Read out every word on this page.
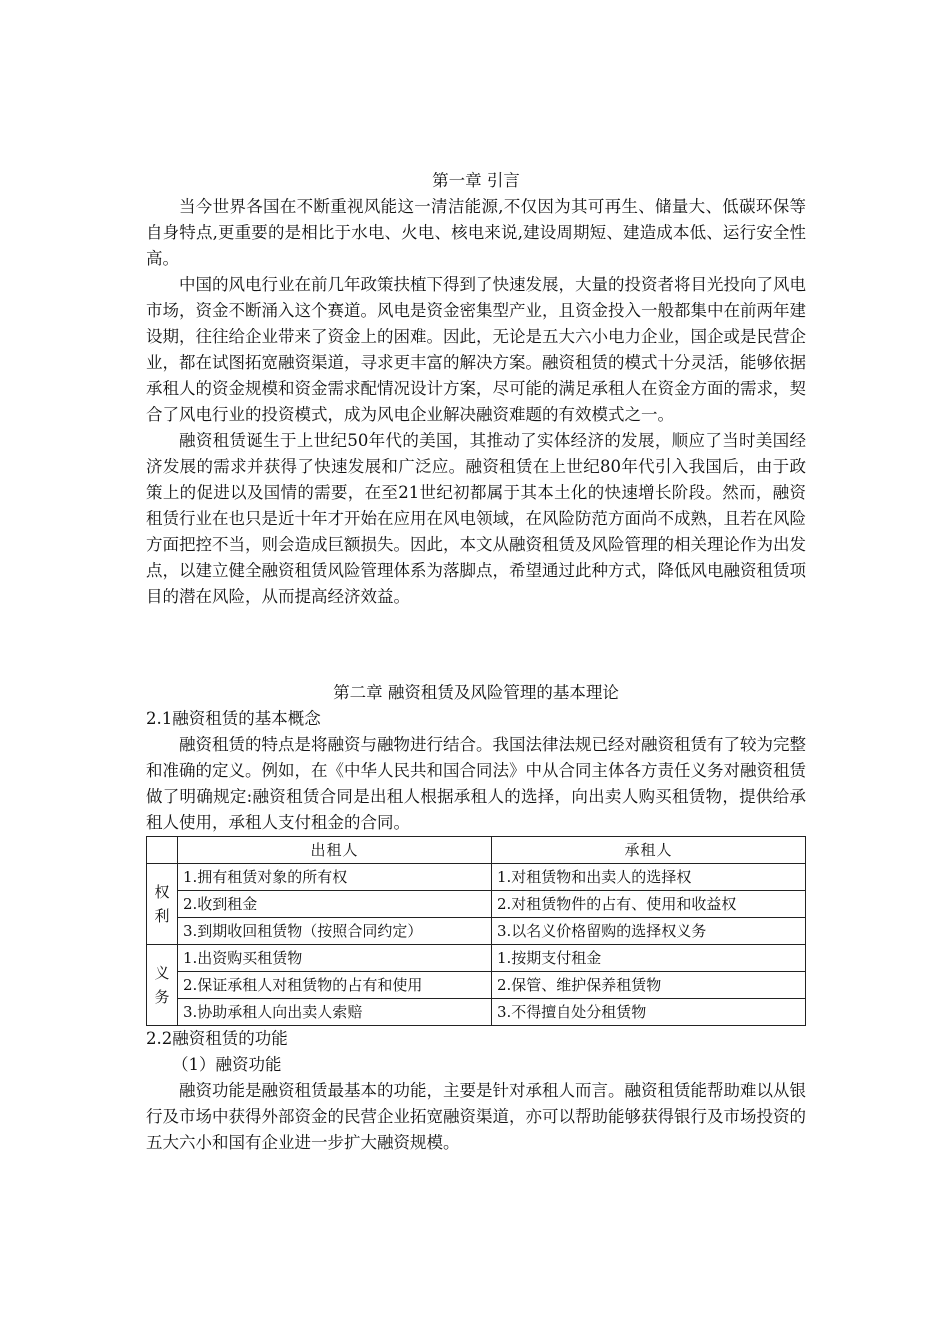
第一章 引言

当今世界各国在不断重视风能这一清洁能源,不仅因为其可再生、储量大、低碳环保等自身特点,更重要的是相比于水电、火电、核电来说,建设周期短、建造成本低、运行安全性高。

中国的风电行业在前几年政策扶植下得到了快速发展，大量的投资者将目光投向了风电市场，资金不断涌入这个赛道。风电是资金密集型产业，且资金投入一般都集中在前两年建设期，往往给企业带来了资金上的困难。因此，无论是五大六小电力企业，国企或是民营企业，都在试图拓宽融资渠道，寻求更丰富的解决方案。融资租赁的模式十分灵活，能够依据承租人的资金规模和资金需求配情况设计方案，尽可能的满足承租人在资金方面的需求，契合了风电行业的投资模式，成为风电企业解决融资难题的有效模式之一。

融资租赁诞生于上世纪50年代的美国，其推动了实体经济的发展，顺应了当时美国经济发展的需求并获得了快速发展和广泛应。融资租赁在上世纪80年代引入我国后，由于政策上的促进以及国情的需要，在至21世纪初都属于其本土化的快速增长阶段。然而，融资租赁行业在也只是近十年才开始在应用在风电领域，在风险防范方面尚不成熟，且若在风险方面把控不当，则会造成巨额损失。因此，本文从融资租赁及风险管理的相关理论作为出发点，以建立健全融资租赁风险管理体系为落脚点，希望通过此种方式，降低风电融资租赁项目的潜在风险，从而提高经济效益。

第二章 融资租赁及风险管理的基本理论

2.1融资租赁的基本概念

融资租赁的特点是将融资与融物进行结合。我国法律法规已经对融资租赁有了较为完整和准确的定义。例如，在《中华人民共和国合同法》中从合同主体各方责任义务对融资租赁做了明确规定:融资租赁合同是出租人根据承租人的选择，向出卖人购买租赁物，提供给承租人使用，承租人支付租金的合同。

	出租人	承租人

权
利	1.拥有租赁对象的所有权	1.对租赁物和出卖人的选择权
	2.收到租金	2.对租赁物件的占有、使用和收益权
	3.到期收回租赁物（按照合同约定）	3.以名义价格留购的选择权义务

义
务	1.出资购买租赁物	1.按期支付租金
	2.保证承租人对租赁物的占有和使用	2.保管、维护保养租赁物
	3.协助承租人向出卖人索赔	3.不得擅自处分租赁物

2.2融资租赁的功能

（1）融资功能

融资功能是融资租赁最基本的功能，主要是针对承租人而言。融资租赁能帮助难以从银行及市场中获得外部资金的民营企业拓宽融资渠道，亦可以帮助能够获得银行及市场投资的五大六小和国有企业进一步扩大融资规模。
